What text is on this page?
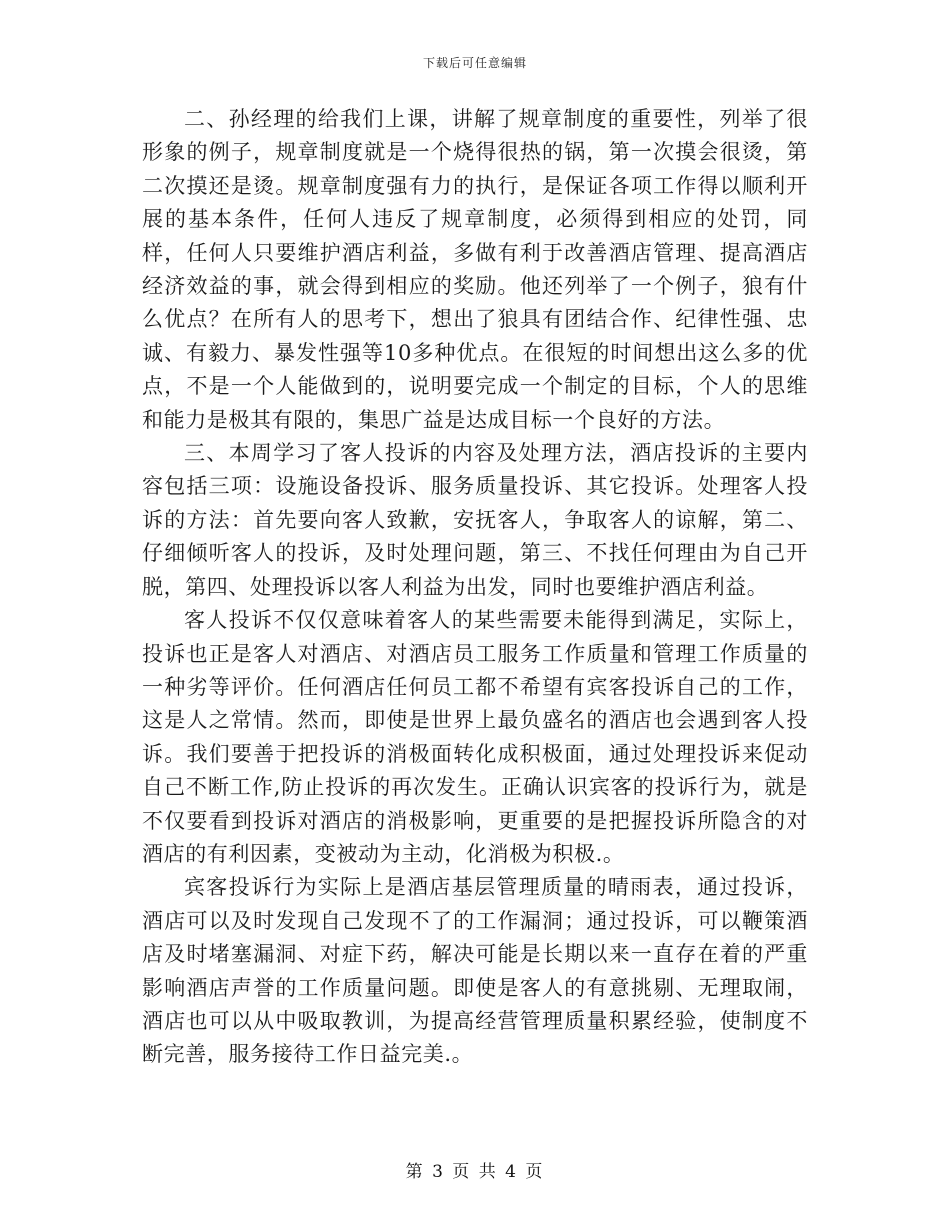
下载后可任意编辑

二、孙经理的给我们上课，讲解了规章制度的重要性，列举了很形象的例子，规章制度就是一个烧得很热的锅，第一次摸会很烫，第二次摸还是烫。规章制度强有力的执行，是保证各项工作得以顺利开展的基本条件，任何人违反了规章制度，必须得到相应的处罚，同样，任何人只要维护酒店利益，多做有利于改善酒店管理、提高酒店经济效益的事，就会得到相应的奖励。他还列举了一个例子，狼有什么优点？在所有人的思考下，想出了狼具有团结合作、纪律性强、忠诚、有毅力、暴发性强等10多种优点。在很短的时间想出这么多的优点，不是一个人能做到的，说明要完成一个制定的目标，个人的思维和能力是极其有限的，集思广益是达成目标一个良好的方法。

三、本周学习了客人投诉的内容及处理方法，酒店投诉的主要内容包括三项：设施设备投诉、服务质量投诉、其它投诉。处理客人投诉的方法：首先要向客人致歉，安抚客人，争取客人的谅解，第二、仔细倾听客人的投诉，及时处理问题，第三、不找任何理由为自己开脱，第四、处理投诉以客人利益为出发，同时也要维护酒店利益。

客人投诉不仅仅意味着客人的某些需要未能得到满足，实际上，投诉也正是客人对酒店、对酒店员工服务工作质量和管理工作质量的一种劣等评价。任何酒店任何员工都不希望有宾客投诉自己的工作，这是人之常情。然而，即使是世界上最负盛名的酒店也会遇到客人投诉。我们要善于把投诉的消极面转化成积极面，通过处理投诉来促动自己不断工作,防止投诉的再次发生。正确认识宾客的投诉行为，就是不仅要看到投诉对酒店的消极影响，更重要的是把握投诉所隐含的对酒店的有利因素，变被动为主动，化消极为积极.。

宾客投诉行为实际上是酒店基层管理质量的晴雨表，通过投诉，酒店可以及时发现自己发现不了的工作漏洞；通过投诉，可以鞭策酒店及时堵塞漏洞、对症下药，解决可能是长期以来一直存在着的严重影响酒店声誉的工作质量问题。即使是客人的有意挑剔、无理取闹，酒店也可以从中吸取教训，为提高经营管理质量积累经验，使制度不断完善，服务接待工作日益完美.。

第 3 页 共 4 页
